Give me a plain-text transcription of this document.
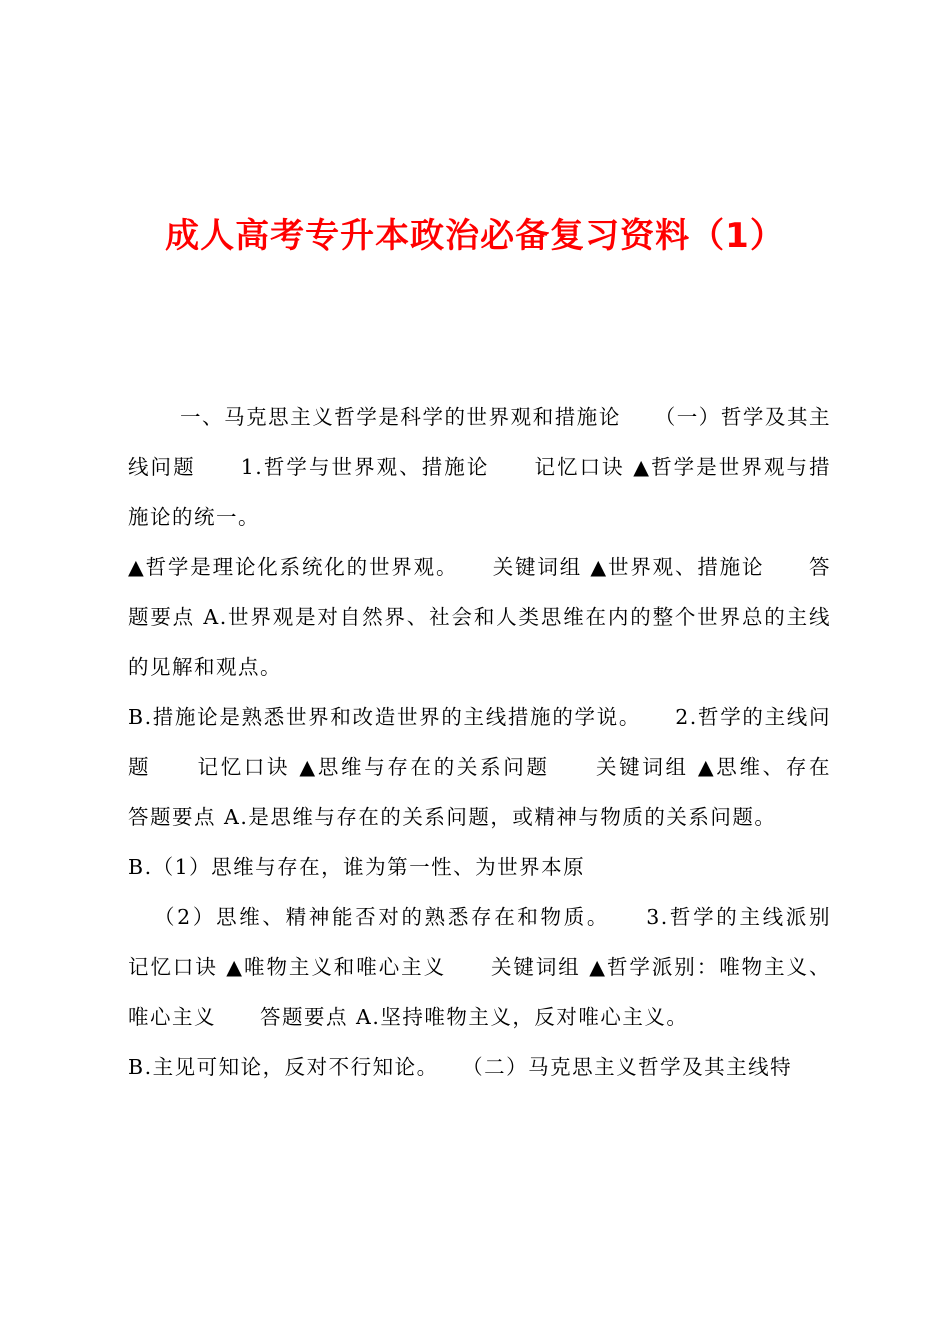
成人高考专升本政治必备复习资料（1）

一、马克思主义哲学是科学的世界观和措施论　　（一）哲学及其主线问题　　1.哲学与世界观、措施论　　记忆口诀 ▲哲学是世界观与措施论的统一。

▲哲学是理论化系统化的世界观。　　关键词组 ▲世界观、措施论　　答题要点 A.世界观是对自然界、社会和人类思维在内的整个世界总的主线的见解和观点。

B.措施论是熟悉世界和改造世界的主线措施的学说。　　2.哲学的主线问题　　记忆口诀 ▲思维与存在的关系问题　　关键词组 ▲思维、存在　　答题要点 A.是思维与存在的关系问题，或精神与物质的关系问题。

B.（1）思维与存在，谁为第一性、为世界本原

（2）思维、精神能否对的熟悉存在和物质。　　3.哲学的主线派别　　记忆口诀 ▲唯物主义和唯心主义　　关键词组 ▲哲学派别：唯物主义、唯心主义　　答题要点 A.坚持唯物主义，反对唯心主义。

B.主见可知论，反对不行知论。　　（二）马克思主义哲学及其主线特
